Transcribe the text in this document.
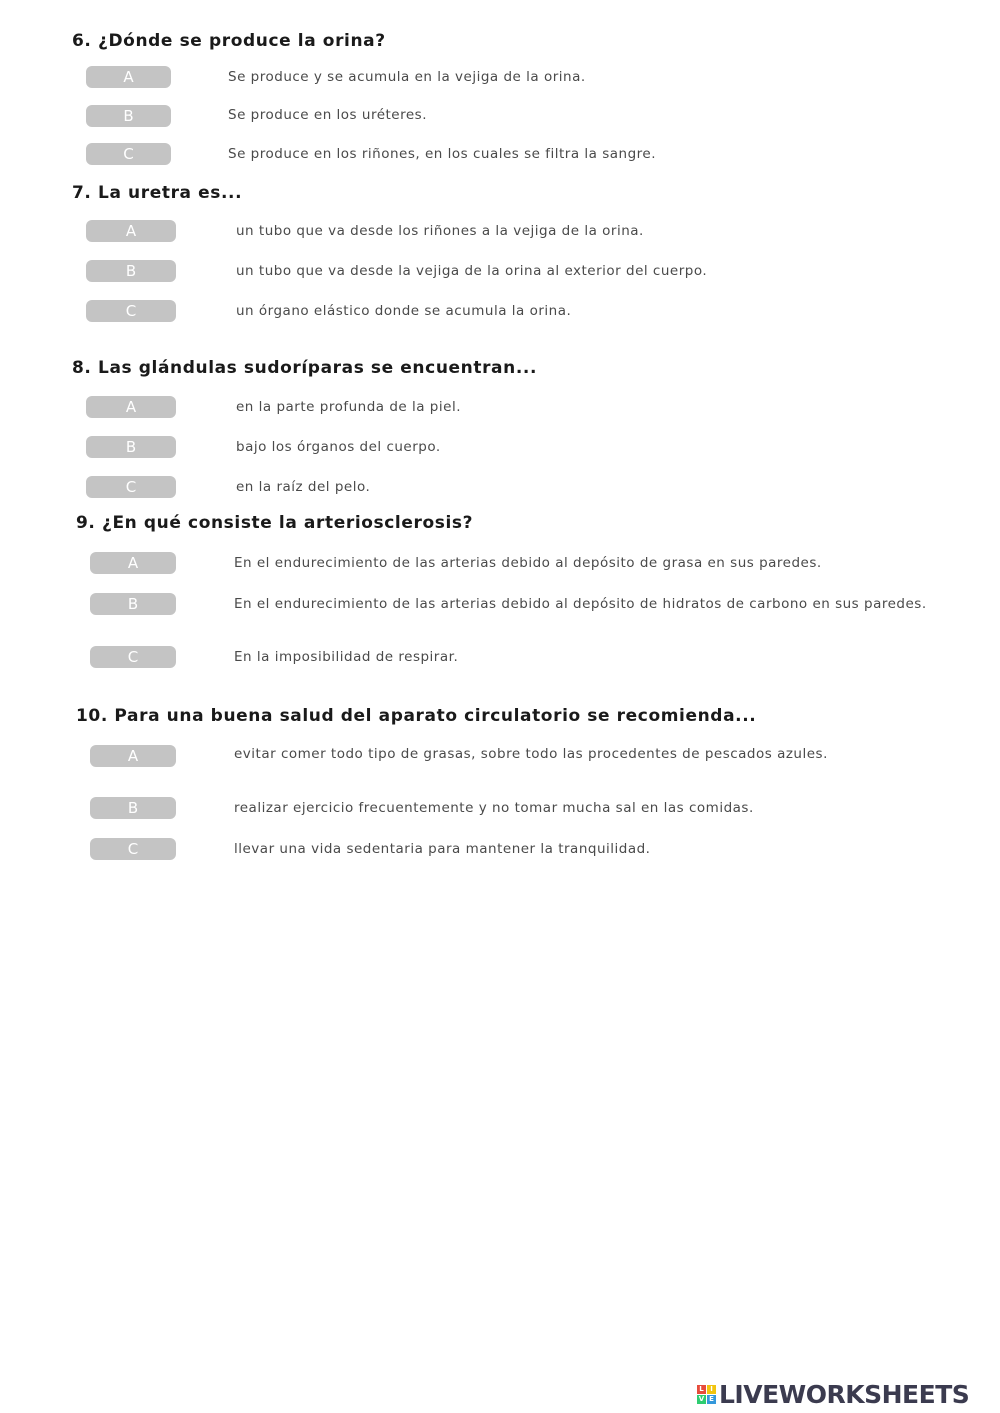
6. ¿Dónde se produce la orina?
A	Se produce y se acumula en la vejiga de la orina.
B	Se produce en los uréteres.
C	Se produce en los riñones, en los cuales se filtra la sangre.
7. La uretra es...
A	un tubo que va desde los riñones a la vejiga de la orina.
B	un tubo que va desde la vejiga de la orina al exterior del cuerpo.
C	un órgano elástico donde se acumula la orina.
8. Las glándulas sudoríparas se encuentran...
A	en la parte profunda de la piel.
B	bajo los órganos del cuerpo.
C	en la raíz del pelo.
9. ¿En qué consiste la arteriosclerosis?
A	En el endurecimiento de las arterias debido al depósito de grasa en sus paredes.
B	En el endurecimiento de las arterias debido al depósito de hidratos de carbono en sus paredes.
C	En la imposibilidad de respirar.
10. Para una buena salud del aparato circulatorio se recomienda...
A	evitar comer todo tipo de grasas, sobre todo las procedentes de pescados azules.
B	realizar ejercicio frecuentemente y no tomar mucha sal en las comidas.
C	llevar una vida sedentaria para mantener la tranquilidad.
L I
V E LIVEWORKSHEETS
